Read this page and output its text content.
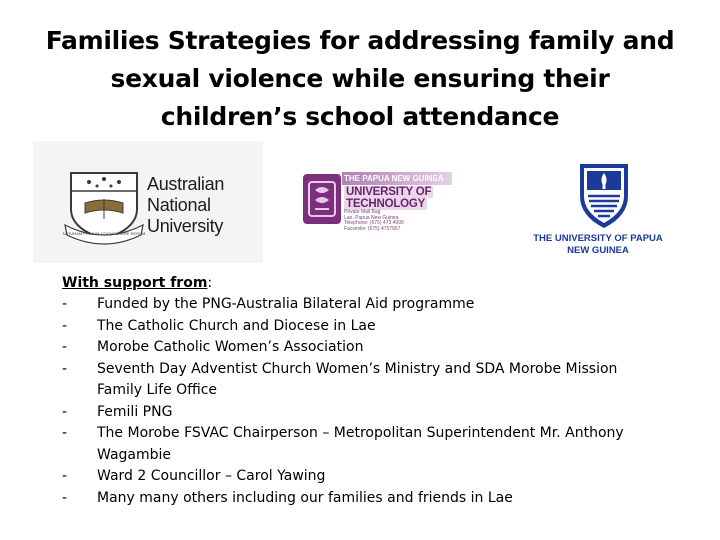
Families Strategies for addressing family and
sexual violence while ensuring their
children’s school attendance
NATURAM PRIMUM COGNOSCERE RERUM
Australian
National
University
THE PAPUA NEW GUINEA
UNIVERSITY OF
TECHNOLOGY
Private Mail Bag
Lae, Papua New Guinea
Telephone: (675) 473 4999
Facsimile: (675) 4757667
THE UNIVERSITY OF PAPUA
NEW GUINEA
With support from:
- Funded by the PNG-Australia Bilateral Aid programme
- The Catholic Church and Diocese in Lae
- Morobe Catholic Women’s Association
- Seventh Day Adventist Church Women’s Ministry and SDA Morobe Mission
Family Life Office
- Femili PNG
- The Morobe FSVAC Chairperson – Metropolitan Superintendent Mr. Anthony
Wagambie
- Ward 2 Councillor – Carol Yawing
- Many many others including our families and friends in Lae
